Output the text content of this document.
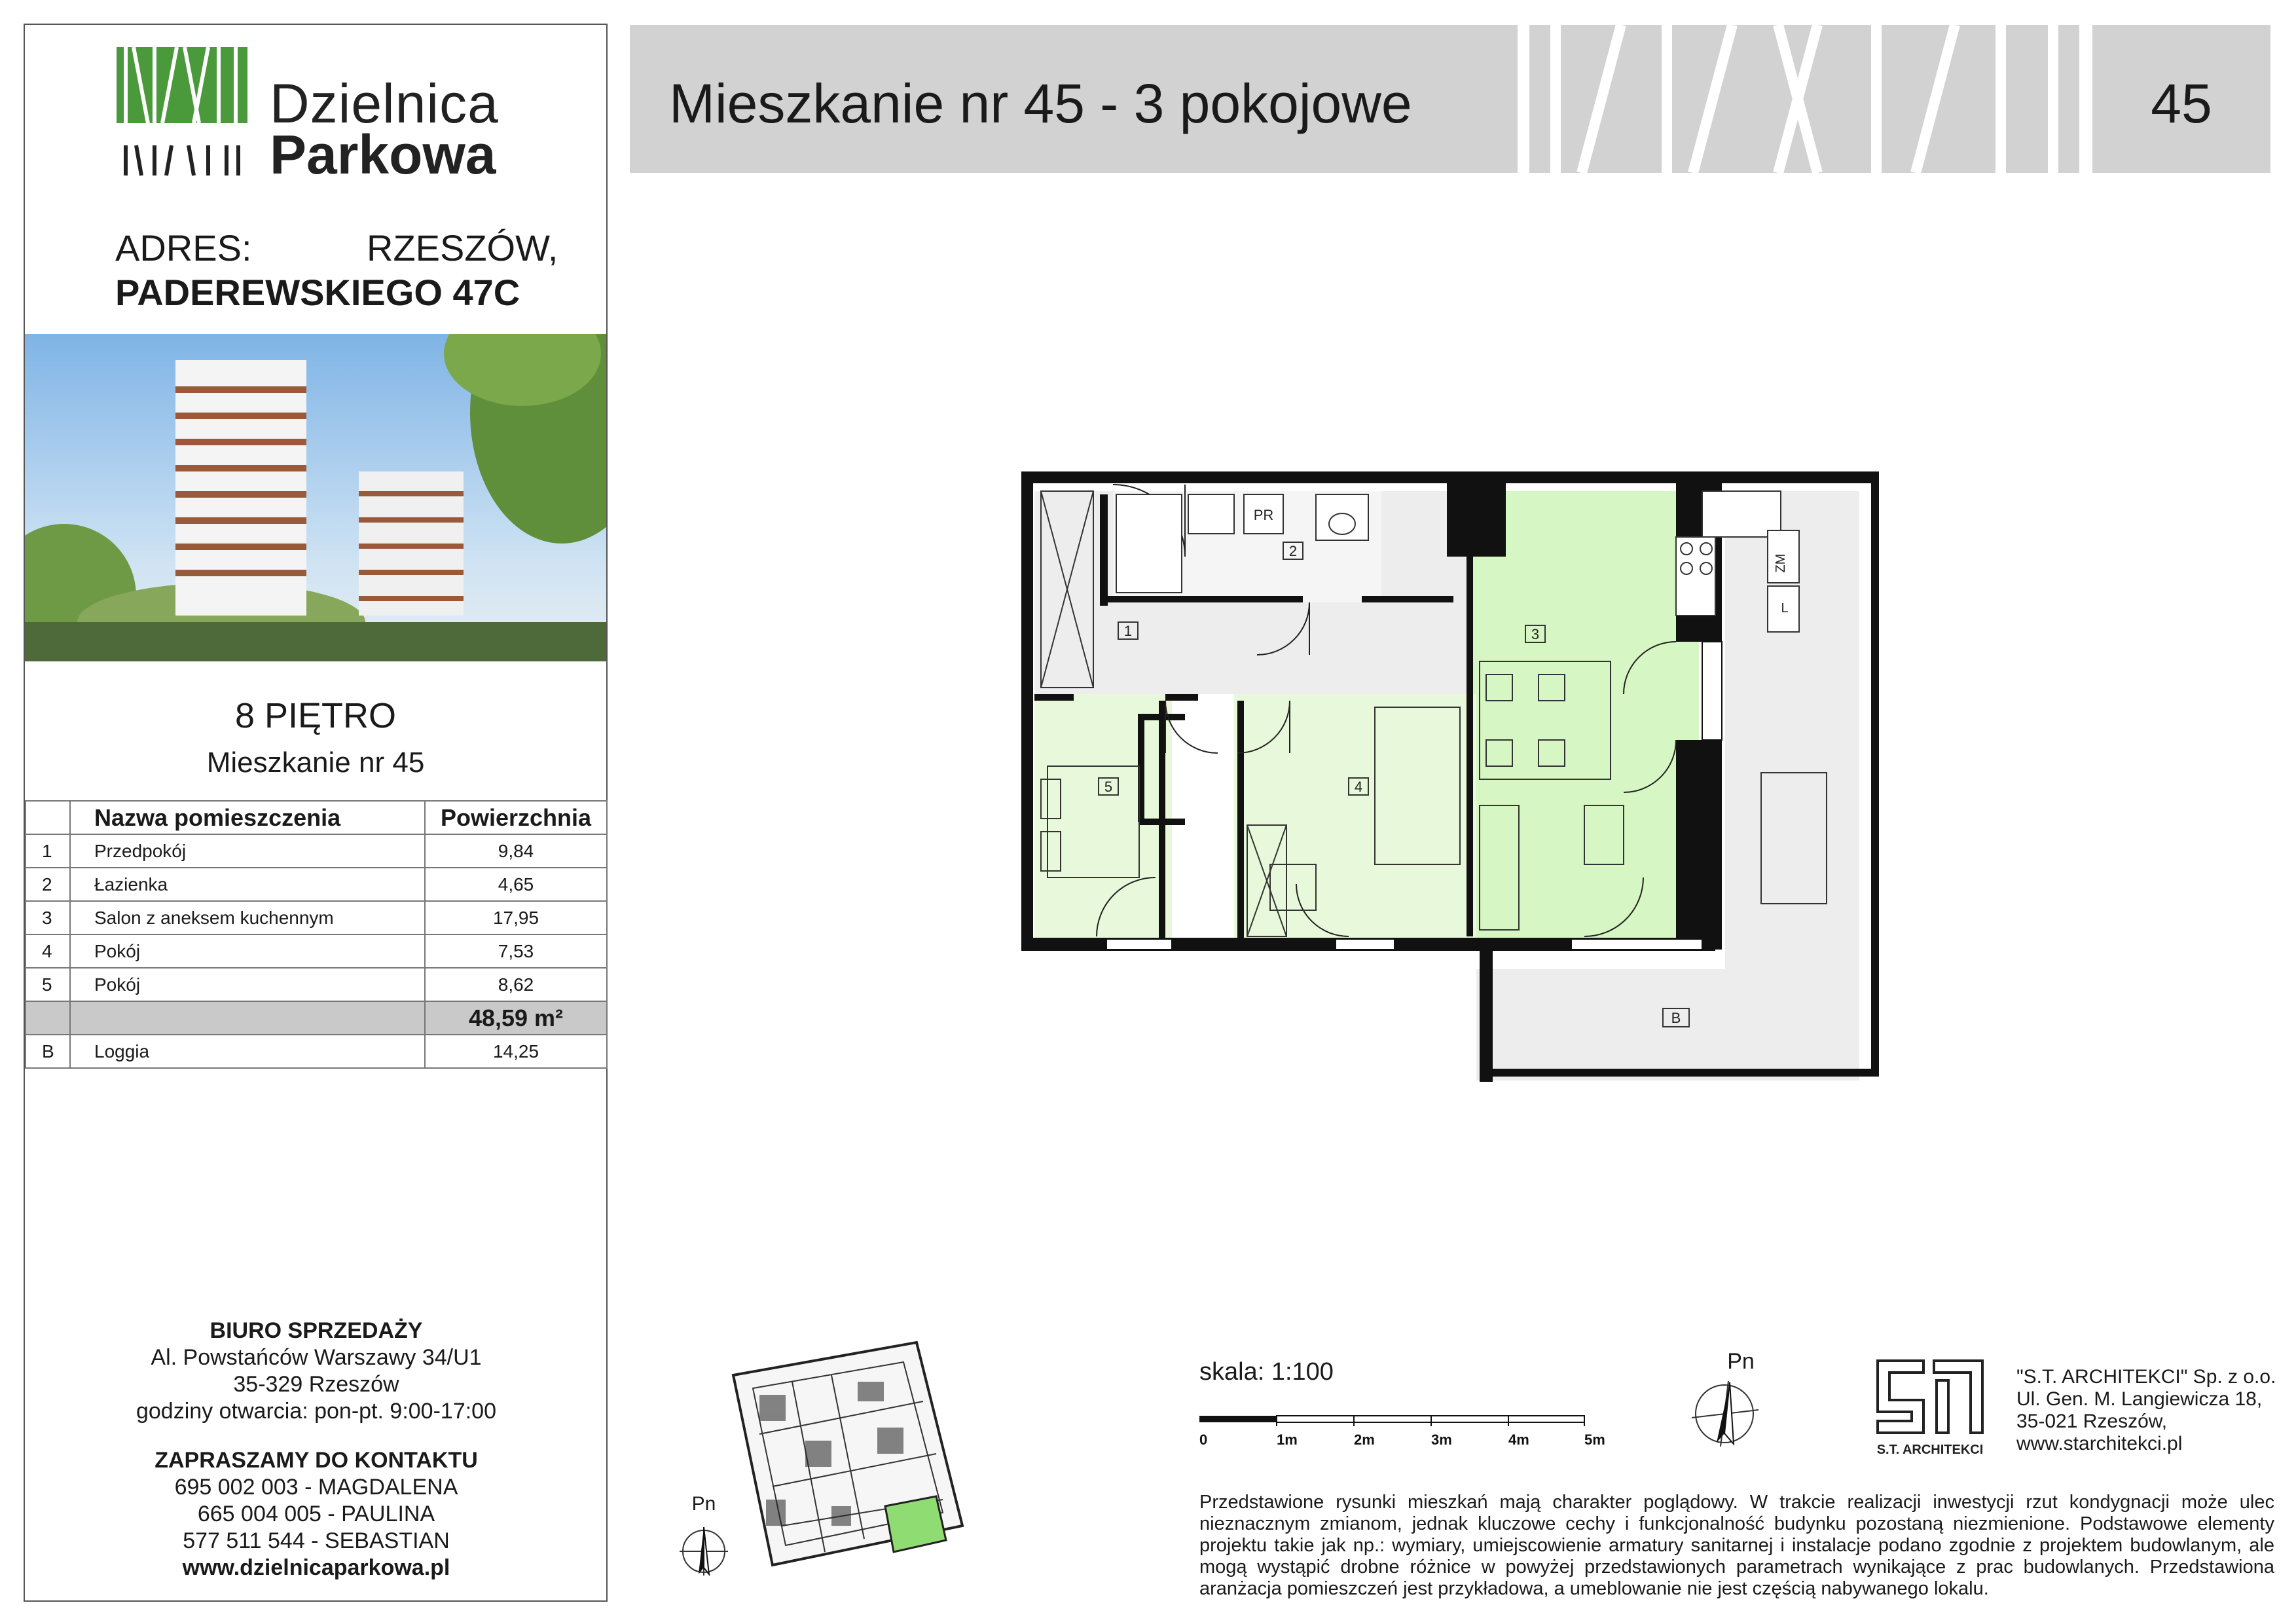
Dzielnica
Parkowa
ADRES:	RZESZÓW,
PADEREWSKIEGO 47C
8 PIĘTRO
Mieszkanie nr 45
	Nazwa pomieszczenia	Powierzchnia
1	Przedpokój	9,84
2	Łazienka	4,65
3	Salon z aneksem kuchennym	17,95
4	Pokój	7,53
5	Pokój	8,62
		48,59 m²
B	Loggia	14,25
BIURO SPRZEDAŻY
Al. Powstańców Warszawy 34/U1
35-329 Rzeszów
godziny otwarcia: pon-pt. 9:00-17:00
ZAPRASZAMY DO KONTAKTU
695 002 003 - MAGDALENA
665 004 005 - PAULINA
577 511 544 - SEBASTIAN
www.dzielnicaparkowa.pl
Pn
Mieszkanie nr 45 - 3 pokojowe	45
PR
ZM
L
1
2
3
4
5
B
skala: 1:100
0	1m	2m	3m	4m	5m
Pn
S.T. ARCHITEKCI
"S.T. ARCHITEKCI" Sp. z o.o.
Ul. Gen. M. Langiewicza 18,
35-021 Rzeszów,
www.starchitekci.pl
Przedstawione rysunki mieszkań mają charakter poglądowy. W trakcie realizacji inwestycji rzut kondygnacji może ulec nieznacznym zmianom, jednak kluczowe cechy i funkcjonalność budynku pozostaną niezmienione. Podstawowe elementy projektu takie jak np.: wymiary, umiejscowienie armatury sanitarnej i instalacje podano zgodnie z projektem budowlanym, ale mogą wystąpić drobne różnice w powyżej przedstawionych parametrach wynikające z prac budowlanych. Przedstawiona aranżacja pomieszczeń jest przykładowa, a umeblowanie nie jest częścią nabywanego lokalu.
